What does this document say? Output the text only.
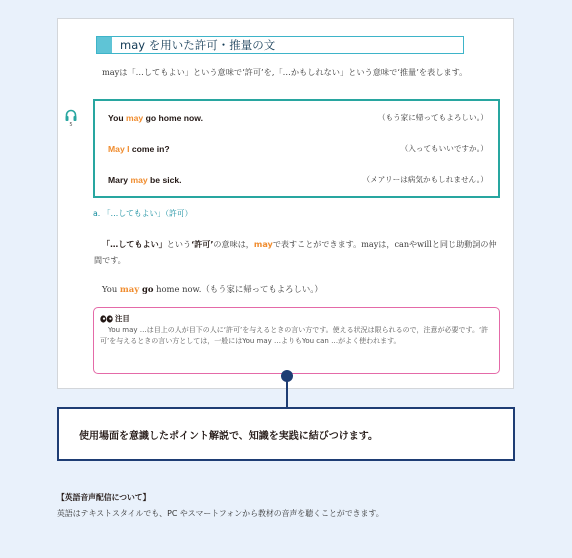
may を用いた許可・推量の文
mayは「…してもよい」という意味で‘許可’を,「…かもしれない」という意味で‘推量’を表します。
5
You may go home now.	（もう家に帰ってもよろしい。）
May I come in?	（入ってもいいですか。）
Mary may be sick.	（メアリーは病気かもしれません。）
a. 「…してもよい」（許可）
「…してもよい」という‘許可’の意味は，mayで表すことができます。mayは，canやwillと同じ助動詞の仲間です。
You may go home now.（もう家に帰ってもよろしい。）
注目
You may …は目上の人が目下の人に‘許可’を与えるときの言い方です。使える状況は限られるので，注意が必要です。‘許可’を与えるときの言い方としては，一般にはYou may …よりもYou can …がよく使われます。
使用場面を意識したポイント解説で、知識を実践に結びつけます。
【英語音声配信について】
英語はテキストスタイルでも、PC やスマートフォンから教材の音声を聴くことができます。
